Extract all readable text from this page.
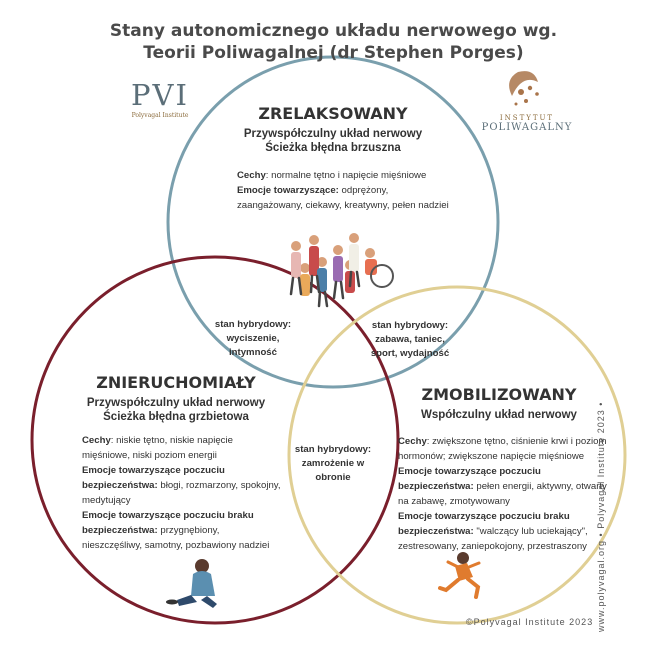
Stany autonomicznego układu nerwowego wg.
Teorii Poliwagalnej (dr Stephen Porges)
PVI
Polyvagal Institute	INSTYTUT
POLIWAGALNY
ZRELAKSOWANY
Przywspółczulny układ nerwowy
Ścieżka błędna brzuszna
Cechy: normalne tętno i napięcie mięśniowe
Emocje towarzyszące: odprężony, zaangażowany, ciekawy, kreatywny, pełen nadziei
stan hybrydowy:
wyciszenie,
intymność
stan hybrydowy:
zabawa, taniec,
sport, wydajność
stan hybrydowy:
zamrożenie w
obronie
ZNIERUCHOMIAŁY
Przywspółczulny układ nerwowy
Ścieżka błędna grzbietowa
Cechy: niskie tętno, niskie napięcie mięśniowe, niski poziom energii
Emocje towarzyszące poczuciu bezpieczeństwa: błogi, rozmarzony, spokojny, medytujący
Emocje towarzyszące poczuciu braku bezpieczeństwa: przygnębiony, nieszczęśliwy, samotny, pozbawiony nadziei
ZMOBILIZOWANY
Współczulny układ nerwowy
Cechy: zwiększone tętno, ciśnienie krwi i poziom hormonów; zwiększone napięcie mięśniowe
Emocje towarzyszące poczuciu bezpieczeństwa: pełen energii, aktywny, otwarty na zabawę, zmotywowany
Emocje towarzyszące poczuciu braku bezpieczeństwa: "walczący lub uciekający", zestresowany, zaniepokojony, przestraszony	www.polyvagal.org • Polyvagal Institute 2023 •
©Polyvagal Institute 2023
